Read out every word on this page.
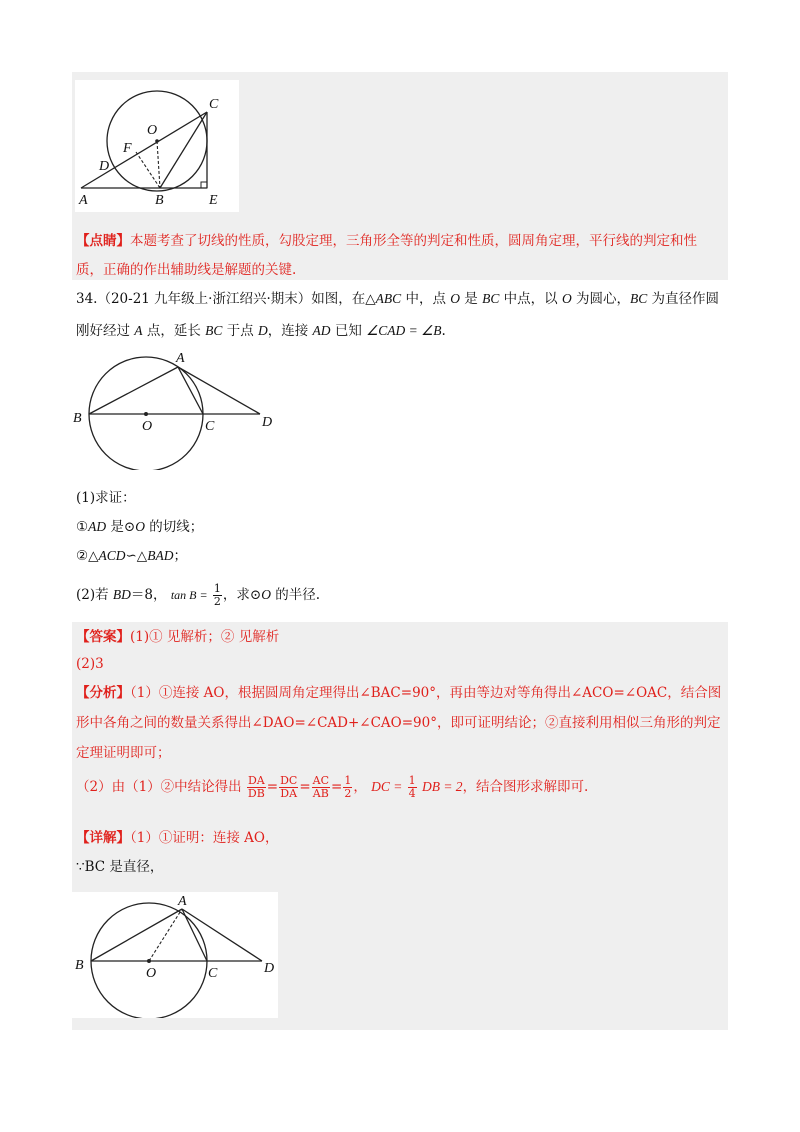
A	B
C
D
E
F
O
【点睛】本题考查了切线的性质，勾股定理，三角形全等的判定和性质，圆周角定理，平行线的判定和性
质，正确的作出辅助线是解题的关键.
34.（20-21 九年级上·浙江绍兴·期末）如图，在△ABC 中，点 O 是 BC 中点，以 O 为圆心，BC 为直径作圆
刚好经过 A 点，延长 BC 于点 D，连接 AD 已知 ∠CAD = ∠B.
A
B
C	D
O
(1)求证：
①AD 是⊙O 的切线；
②△ACD∽△BAD；
(2)若 BD＝8， $\tan B = \frac{1}{2}$ ，求⊙O 的半径.
【答案】(1)① 见解析；② 见解析
(2)3
【分析】（1）①连接 AO，根据圆周角定理得出∠BAC=90°，再由等边对等角得出∠ACO=∠OAC，结合图
形中各角之间的数量关系得出∠DAO=∠CAD+∠CAO=90°，即可证明结论；②直接利用相似三角形的判定
定理证明即可；
（2）由（1）②中结论得出 $\frac{DA}{DB} = \frac{DC}{DA} = \frac{AC}{AB} = \frac{1}{2}$ ， DC = $\frac{1}{4}$ DB = 2，结合图形求解即可.
【详解】（1）①证明：连接 AO，
∵BC 是直径，
A
B
C	D
O
